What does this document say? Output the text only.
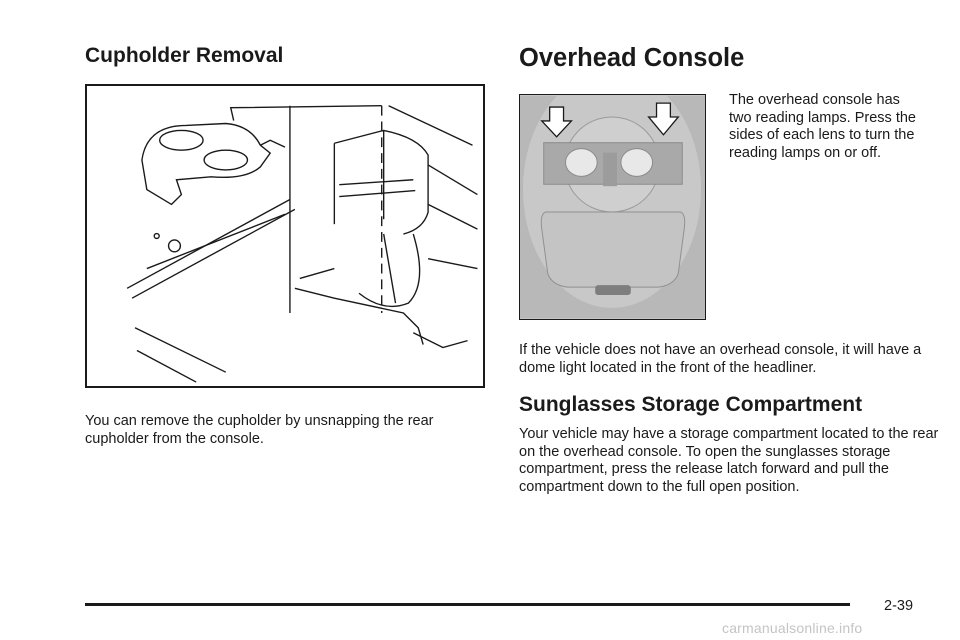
Cupholder Removal

You can remove the cupholder by unsnapping the rear cupholder from the console.

Overhead Console

The overhead console has two reading lamps. Press the sides of each lens to turn the reading lamps on or off.

If the vehicle does not have an overhead console, it will have a dome light located in the front of the headliner.

Sunglasses Storage Compartment

Your vehicle may have a storage compartment located to the rear on the overhead console. To open the sunglasses storage compartment, press the release latch forward and pull the compartment down to the full open position.

2-39
carmanualsonline.info
